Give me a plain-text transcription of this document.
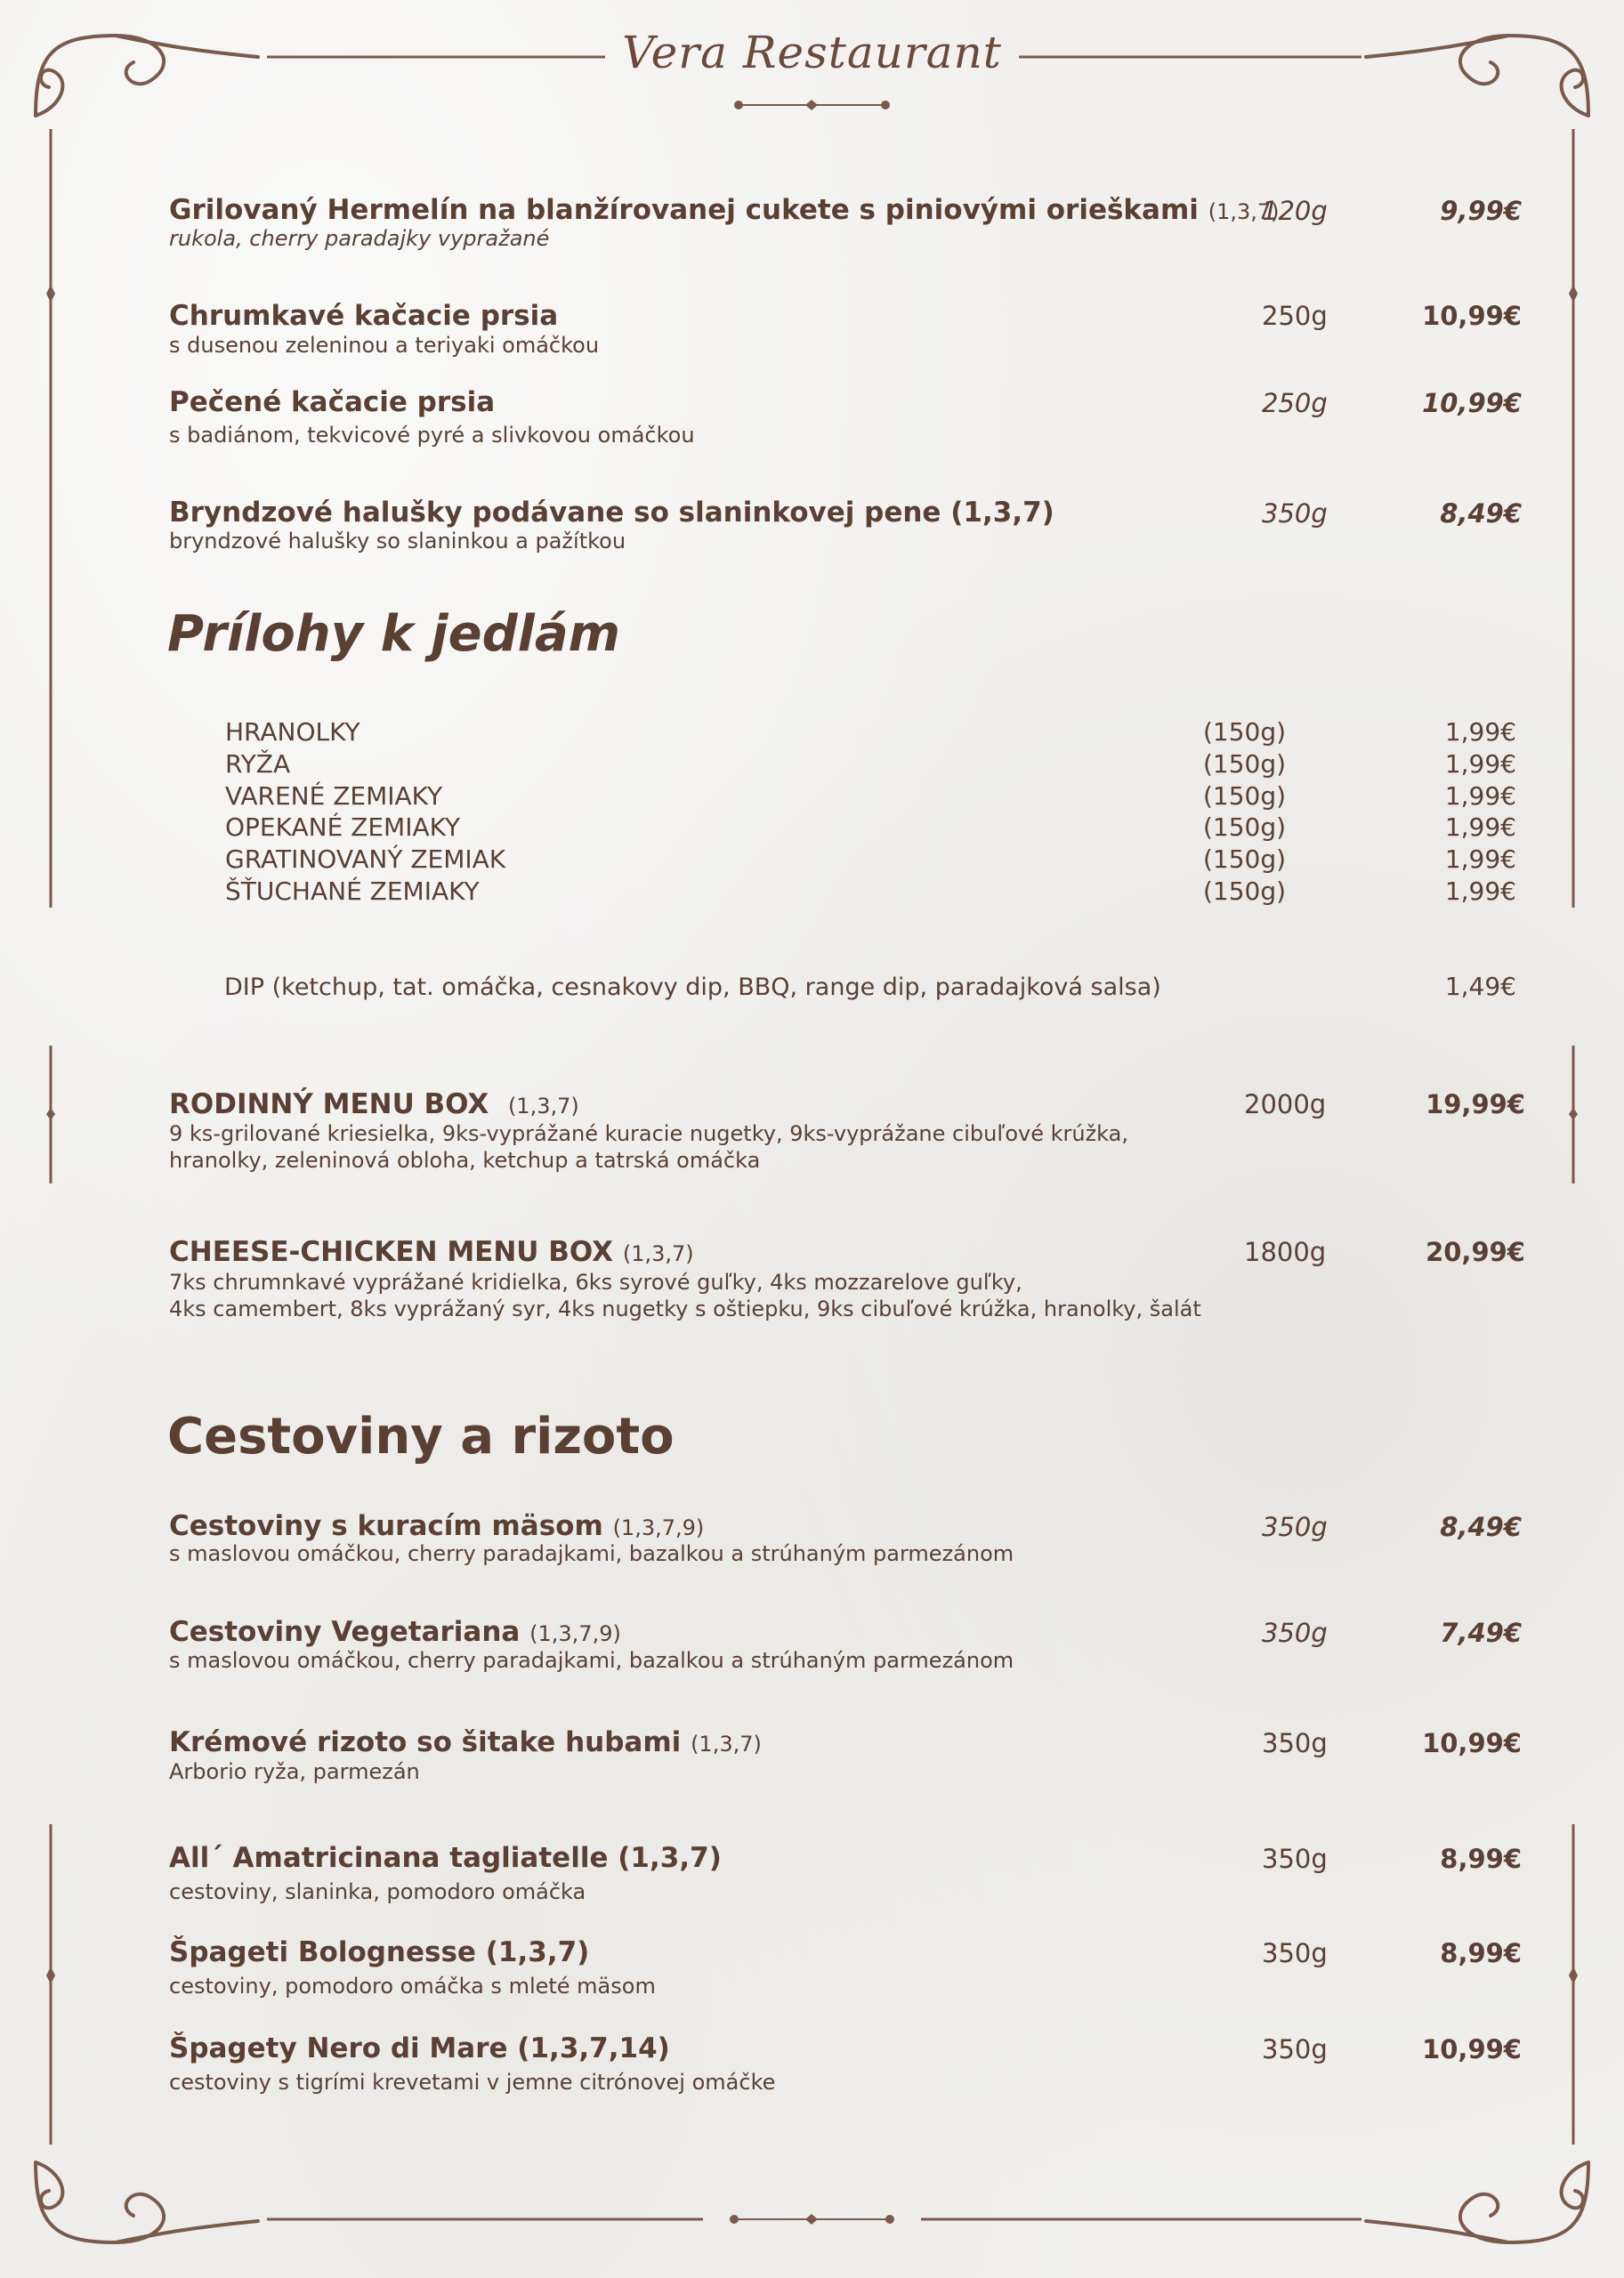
Vera Restaurant
Grilovaný Hermelín na blanžírovanej cukete s piniovými orieškami (1,3,7)
rukola, cherry paradajky vypražané
120g	9,99€
Chrumkavé kačacie prsia
s dusenou zeleninou a teriyaki omáčkou
250g	10,99€
Pečené kačacie prsia
s badiánom, tekvicové pyré a slivkovou omáčkou
250g	10,99€
Bryndzové halušky podávane so slaninkovej pene (1,3,7)
bryndzové halušky so slaninkou a pažítkou
350g	8,49€
Prílohy k jedlám
HRANOLKY	(150g)	1,99€
RYŽA	(150g)	1,99€
VARENÉ ZEMIAKY	(150g)	1,99€
OPEKANÉ ZEMIAKY	(150g)	1,99€
GRATINOVANÝ ZEMIAK	(150g)	1,99€
ŠŤUCHANÉ ZEMIAKY	(150g)	1,99€
DIP (ketchup, tat. omáčka, cesnakovy dip, BBQ, range dip, paradajková salsa)	1,49€
RODINNÝ MENU BOX (1,3,7)
9 ks-grilované kriesielka, 9ks-vyprážané kuracie nugetky, 9ks-vyprážane cibuľové krúžka,
hranolky, zeleninová obloha, ketchup a tatrská omáčka
2000g	19,99€
CHEESE-CHICKEN MENU BOX (1,3,7)
7ks chrumnkavé vyprážané kridielka, 6ks syrové guľky, 4ks mozzarelove guľky,
4ks camembert, 8ks vyprážaný syr, 4ks nugetky s oštiepku, 9ks cibuľové krúžka, hranolky, šalát
1800g	20,99€
Cestoviny a rizoto
Cestoviny s kuracím mäsom (1,3,7,9)
s maslovou omáčkou, cherry paradajkami, bazalkou a strúhaným parmezánom
350g	8,49€
Cestoviny Vegetariana (1,3,7,9)
s maslovou omáčkou, cherry paradajkami, bazalkou a strúhaným parmezánom
350g	7,49€
Krémové rizoto so šitake hubami (1,3,7)
Arborio ryža, parmezán
350g	10,99€
All´ Amatricinana tagliatelle (1,3,7)
cestoviny, slaninka, pomodoro omáčka
350g	8,99€
Špageti Bolognesse (1,3,7)
cestoviny, pomodoro omáčka s mleté mäsom
350g	8,99€
Špagety Nero di Mare (1,3,7,14)
cestoviny s tigrími krevetami v jemne citrónovej omáčke
350g	10,99€
